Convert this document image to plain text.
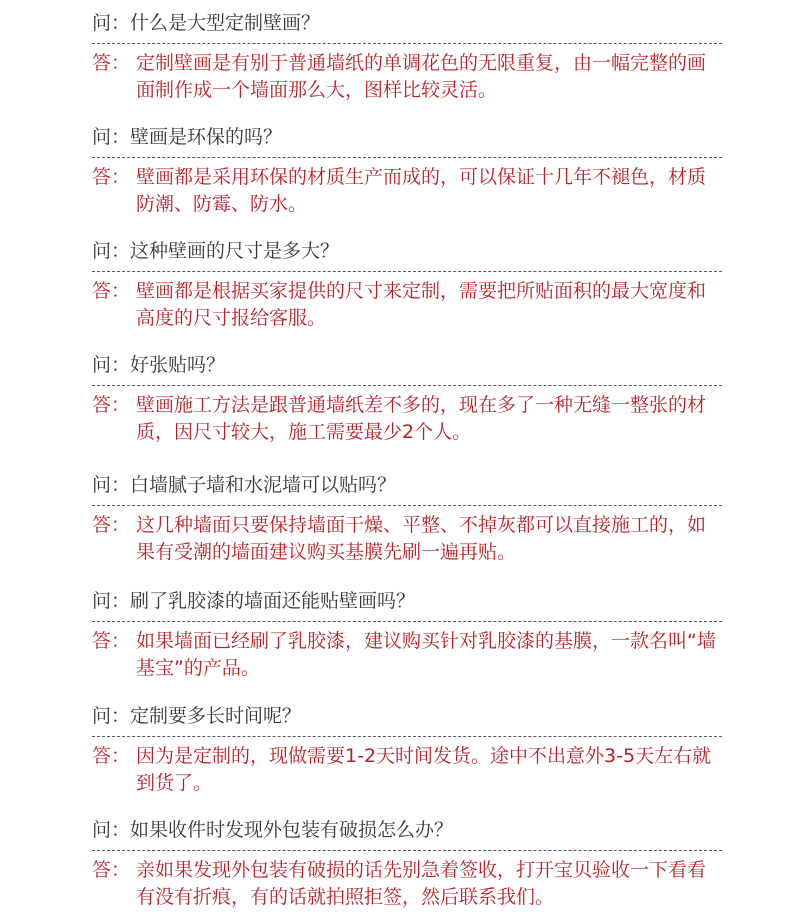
问：什么是大型定制壁画？
答： 定制壁画是有别于普通墙纸的单调花色的无限重复，由一幅完整的画面制作成一个墙面那么大，图样比较灵活。
问：壁画是环保的吗？
答： 壁画都是采用环保的材质生产而成的，可以保证十几年不褪色，材质防潮、防霉、防水。
问：这种壁画的尺寸是多大？
答： 壁画都是根据买家提供的尺寸来定制，需要把所贴面积的最大宽度和高度的尺寸报给客服。
问：好张贴吗？
答： 壁画施工方法是跟普通墙纸差不多的，现在多了一种无缝一整张的材质，因尺寸较大，施工需要最少2个人。
问：白墙腻子墙和水泥墙可以贴吗？
答： 这几种墙面只要保持墙面干燥、平整、不掉灰都可以直接施工的，如果有受潮的墙面建议购买基膜先刷一遍再贴。
问：刷了乳胶漆的墙面还能贴壁画吗？
答： 如果墙面已经刷了乳胶漆，建议购买针对乳胶漆的基膜，一款名叫“墙基宝”的产品。
问：定制要多长时间呢？
答： 因为是定制的，现做需要1-2天时间发货。途中不出意外3-5天左右就到货了。
问：如果收件时发现外包装有破损怎么办？
答： 亲如果发现外包装有破损的话先别急着签收，打开宝贝验收一下看看有没有折痕，有的话就拍照拒签，然后联系我们。
